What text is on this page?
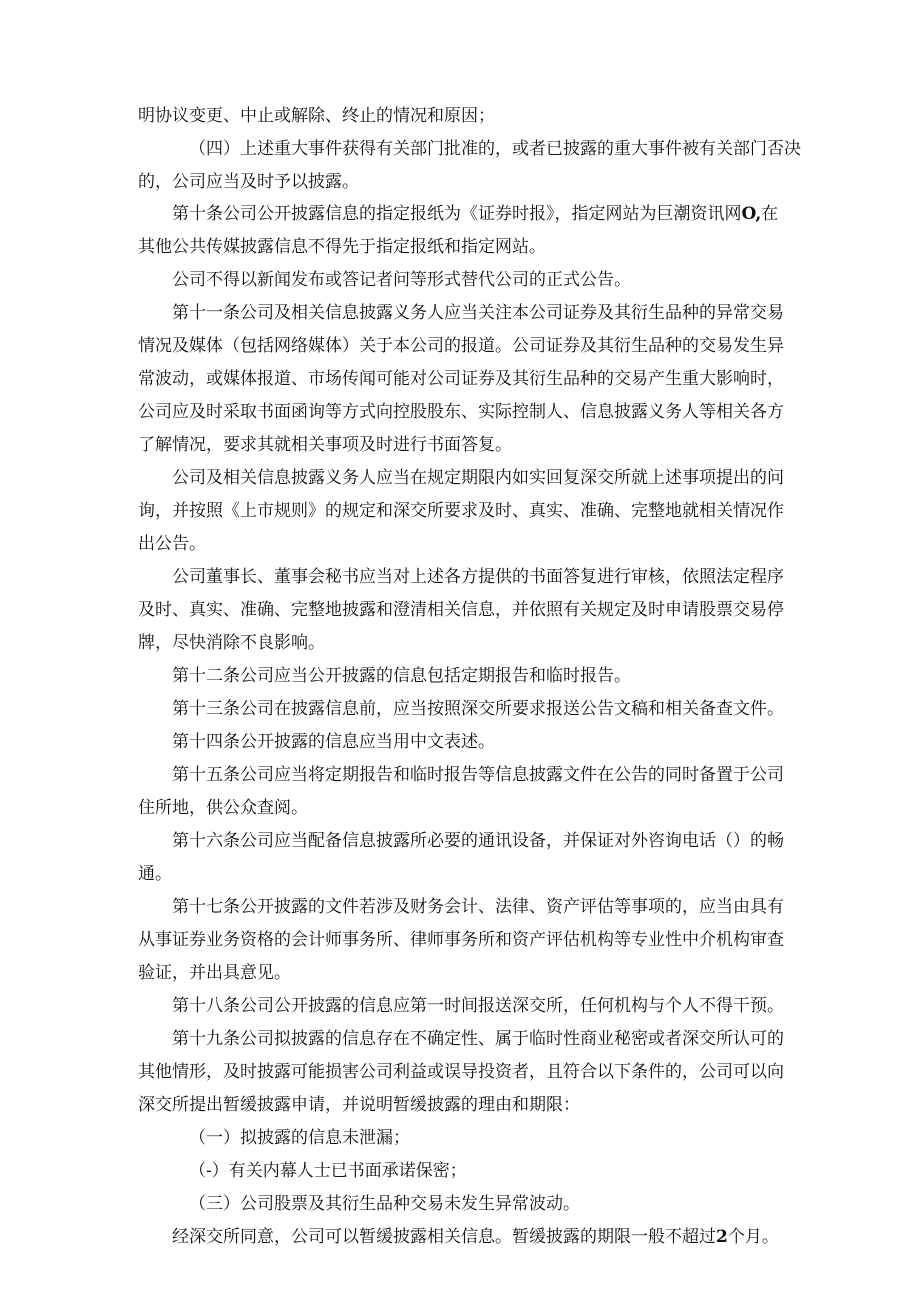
明协议变更、中止或解除、终止的情况和原因；
（四）上述重大事件获得有关部门批准的，或者已披露的重大事件被有关部门否决
的，公司应当及时予以披露。
第十条公司公开披露信息的指定报纸为《证券时报》，指定网站为巨潮资讯网O,在
其他公共传媒披露信息不得先于指定报纸和指定网站。
公司不得以新闻发布或答记者问等形式替代公司的正式公告。
第十一条公司及相关信息披露义务人应当关注本公司证券及其衍生品种的异常交易
情况及媒体（包括网络媒体）关于本公司的报道。公司证券及其衍生品种的交易发生异
常波动，或媒体报道、市场传闻可能对公司证券及其衍生品种的交易产生重大影响时，
公司应及时采取书面函询等方式向控股股东、实际控制人、信息披露义务人等相关各方
了解情况，要求其就相关事项及时进行书面答复。
公司及相关信息披露义务人应当在规定期限内如实回复深交所就上述事项提出的问
询，并按照《上市规则》的规定和深交所要求及时、真实、准确、完整地就相关情况作
出公告。
公司董事长、董事会秘书应当对上述各方提供的书面答复进行审核，依照法定程序
及时、真实、准确、完整地披露和澄清相关信息，并依照有关规定及时申请股票交易停
牌，尽快消除不良影响。
第十二条公司应当公开披露的信息包括定期报告和临时报告。
第十三条公司在披露信息前，应当按照深交所要求报送公告文稿和相关备查文件。
第十四条公开披露的信息应当用中文表述。
第十五条公司应当将定期报告和临时报告等信息披露文件在公告的同时备置于公司
住所地，供公众查阅。
第十六条公司应当配备信息披露所必要的通讯设备，并保证对外咨询电话（）的畅
通。
第十七条公开披露的文件若涉及财务会计、法律、资产评估等事项的，应当由具有
从事证券业务资格的会计师事务所、律师事务所和资产评估机构等专业性中介机构审查
验证，并出具意见。
第十八条公司公开披露的信息应第一时间报送深交所，任何机构与个人不得干预。
第十九条公司拟披露的信息存在不确定性、属于临时性商业秘密或者深交所认可的
其他情形，及时披露可能损害公司利益或误导投资者，且符合以下条件的，公司可以向
深交所提出暂缓披露申请，并说明暂缓披露的理由和期限：
（一）拟披露的信息未泄漏；
（-）有关内幕人士已书面承诺保密；
（三）公司股票及其衍生品种交易未发生异常波动。
经深交所同意，公司可以暂缓披露相关信息。暂缓披露的期限一般不超过2个月。
